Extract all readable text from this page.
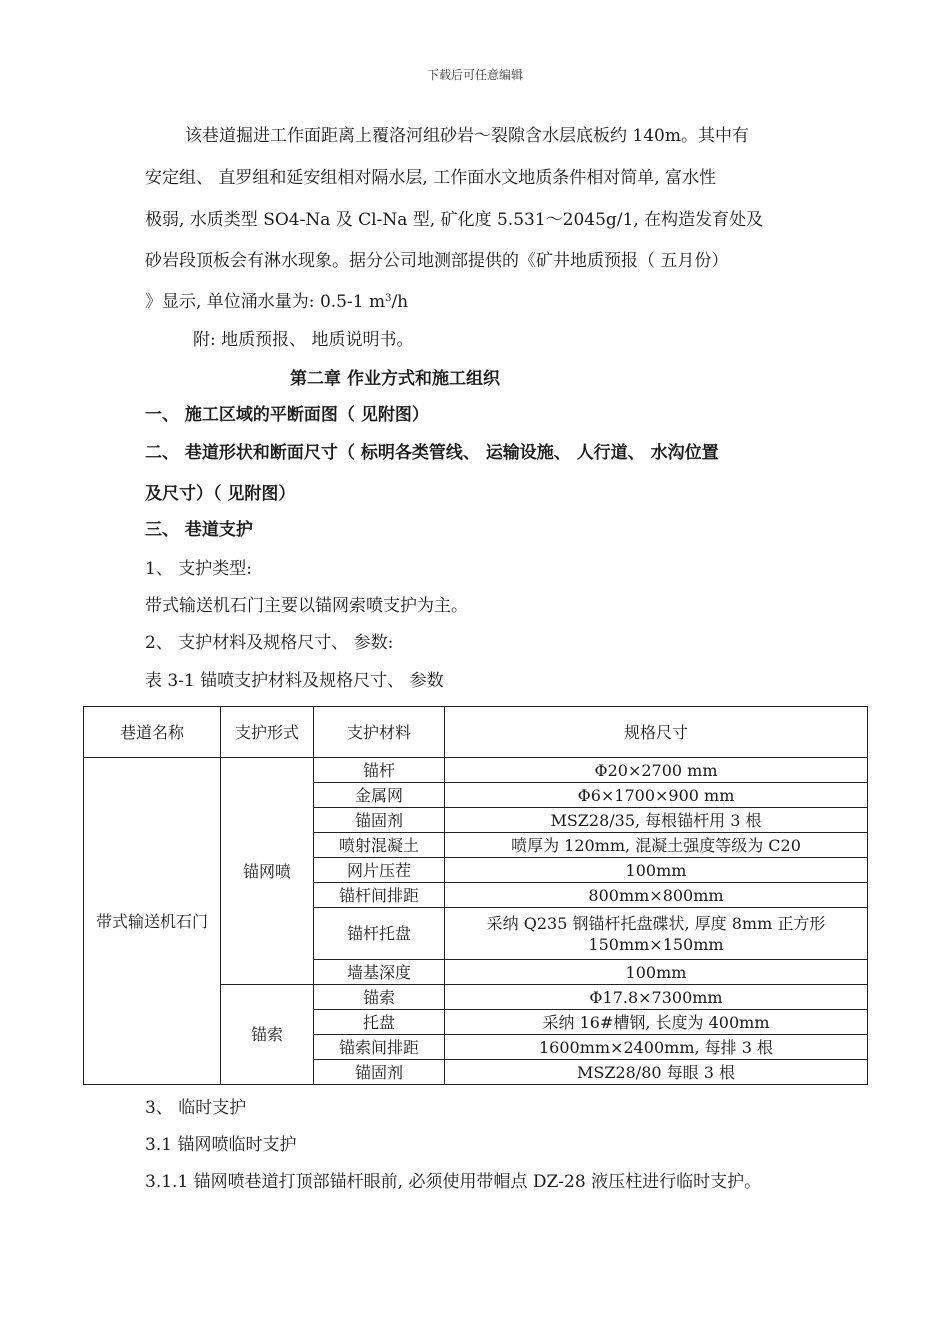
下载后可任意编辑
该巷道掘进工作面距离上覆洛河组砂岩～裂隙含水层底板约 140m。其中有
安定组、 直罗组和延安组相对隔水层, 工作面水文地质条件相对简单, 富水性
极弱, 水质类型 SO4-Na 及 Cl-Na 型, 矿化度 5.531～2045g/1, 在构造发育处及
砂岩段顶板会有淋水现象。据分公司地测部提供的《矿井地质预报（ 五月份）
》显示, 单位涌水量为: 0.5-1 $m^3/h$
附: 地质预报、 地质说明书。
第二章 作业方式和施工组织
一、 施工区域的平断面图（ 见附图）
二、 巷道形状和断面尺寸（ 标明各类管线、 运输设施、 人行道、 水沟位置
及尺寸）（ 见附图）
三、 巷道支护
1、 支护类型:
带式输送机石门主要以锚网索喷支护为主。
2、 支护材料及规格尺寸、 参数:
表 3-1 锚喷支护材料及规格尺寸、 参数
巷道名称	支护形式	支护材料	规格尺寸
带式输送机石门	锚网喷	锚杆	Φ20×2700 mm
		金属网	Φ6×1700×900 mm
		锚固剂	MSZ28/35, 每根锚杆用 3 根
		喷射混凝土	喷厚为 120mm, 混凝土强度等级为 C20
		网片压茬	100mm
		锚杆间排距	800mm×800mm
		锚杆托盘	采纳 Q235 钢锚杆托盘碟状, 厚度 8mm 正方形
150mm×150mm

		墙基深度	100mm
	锚索	锚索	Φ17.8×7300mm
		托盘	采纳 16#槽钢, 长度为 400mm
		锚索间排距	1600mm×2400mm, 每排 3 根
		锚固剂	MSZ28/80 每眼 3 根
3、 临时支护
3.1 锚网喷临时支护
3.1.1 锚网喷巷道打顶部锚杆眼前, 必须使用带帽点 DZ-28 液压柱进行临时支护。
